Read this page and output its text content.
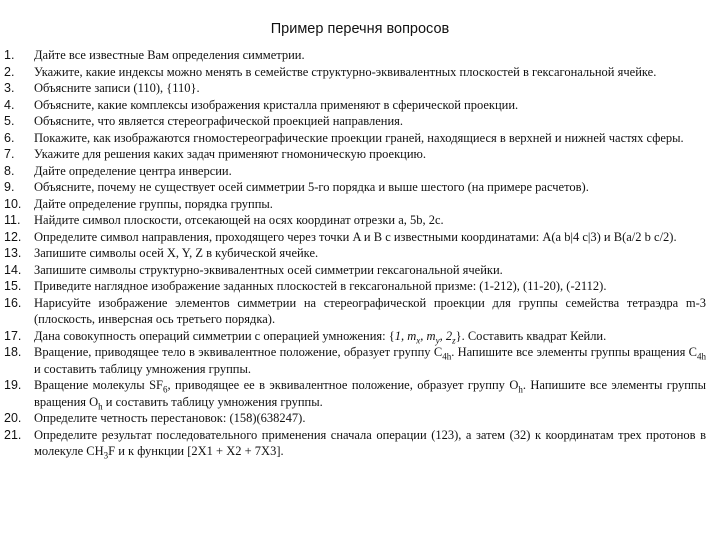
Пример перечня вопросов
1.	Дайте все известные Вам определения симметрии.
2.	Укажите, какие индексы можно менять в семействе структурно-эквивалентных плоскостей в гексагональной ячейке.
3.	Объясните записи (110), {110}.
4.	Объясните, какие комплексы изображения кристалла применяют в сферической проекции.
5.	Объясните, что является стереографической проекцией направления.
6.	Покажите, как изображаются гномостереографические проекции граней, находящиеся в верхней и нижней частях сферы.
7.	Укажите для решения каких задач применяют гномоническую проекцию.
8.	Дайте определение центра инверсии.
9.	Объясните, почему не существует осей симметрии 5-го порядка и выше шестого (на примере расчетов).
10.	Дайте определение группы, порядка группы.
11.	Найдите символ плоскости, отсекающей на осях координат отрезки a, 5b, 2c.
12.	Определите символ направления, проходящего через точки A и B с известными координатами: A(a b|4 c|3) и B(a/2 b c/2).
13.	Запишите символы осей X, Y, Z в кубической ячейке.
14.	Запишите символы структурно-эквивалентных осей симметрии гексагональной ячейки.
15.	Приведите наглядное изображение заданных плоскостей в гексагональной призме: (1-212), (11-20), (-2112).
16.	Нарисуйте изображение элементов симметрии на стереографической проекции для группы семейства тетраэдра m-3 (плоскость, инверсная ось третьего порядка).
17.	Дана совокупность операций симметрии с операцией умножения: {1, $m_x$, $m_y$, $2_z$}. Составить квадрат Кейли.
18.	Вращение, приводящее тело в эквивалентное положение, образует группу $C_{4h}$. Напишите все элементы группы вращения $C_{4h}$ и составить таблицу умножения группы.
19.	Вращение молекулы $SF_6$, приводящее ее в эквивалентное положение, образует группу $O_h$. Напишите все элементы группы вращения $O_h$ и составить таблицу умножения группы.
20.	Определите четность перестановок: (158)(638247).
21.	Определите результат последовательного применения сначала операции (123), а затем (32) к координатам трех протонов в молекуле $CH_3F$ и к функции [2X1 + X2 + 7X3].
